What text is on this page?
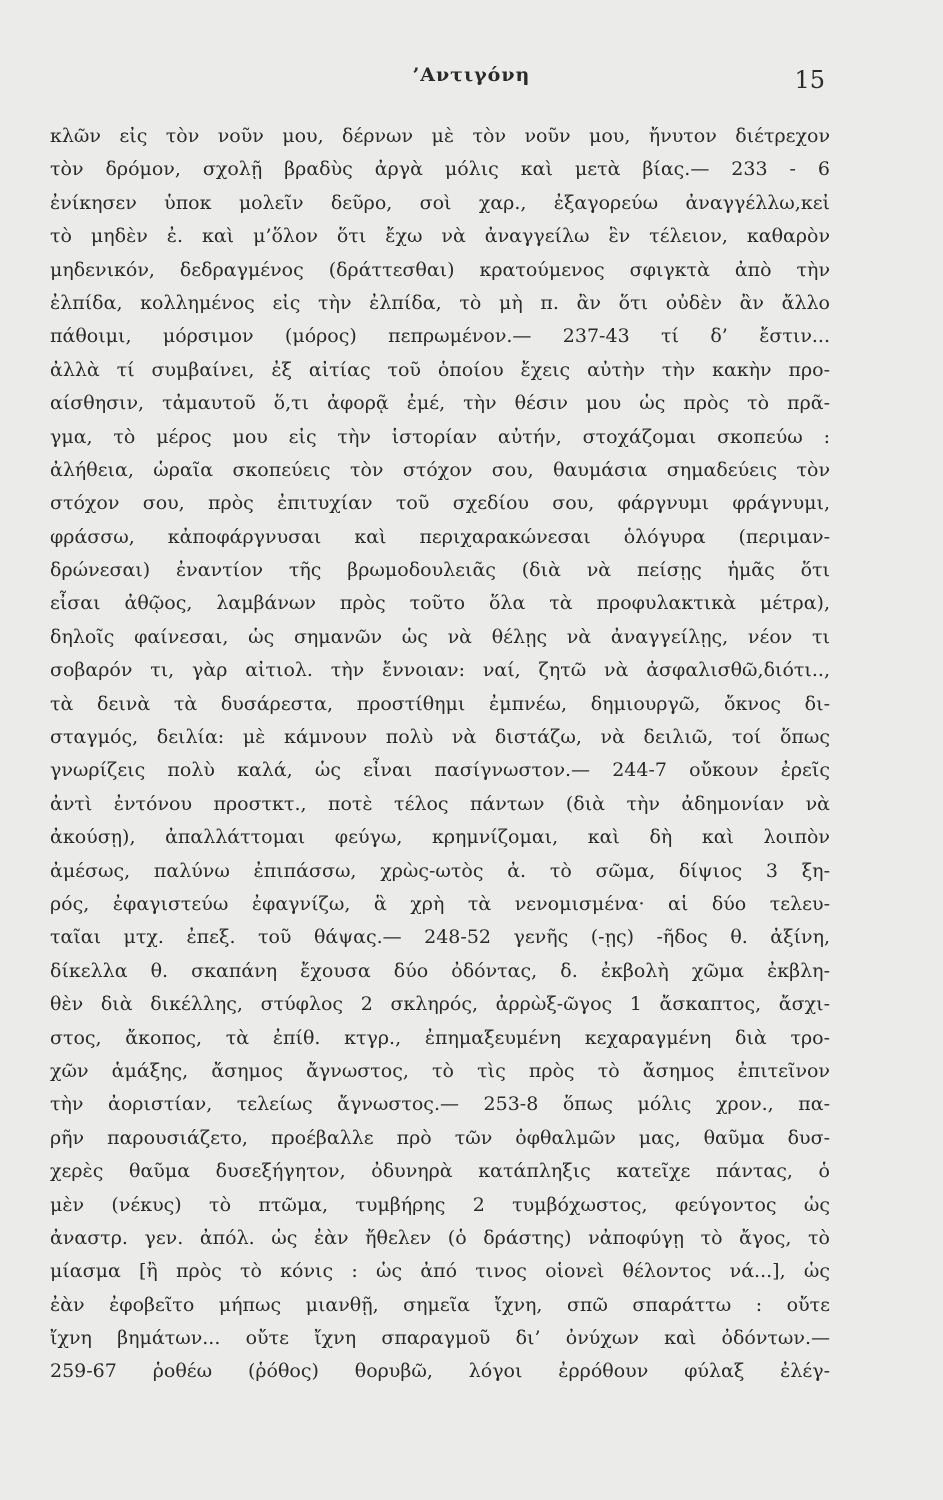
’Αντιγόνη	15
κλῶν εἰς τὸν νοῦν μου, δέρνων μὲ τὸν νοῦν μου, ἤνυτον διέτρεχον
τὸν δρόμον, σχολῇ βραδὺς ἀργὰ μόλις καὶ μετὰ βίας.— 233 - 6
ἐνίκησεν ὑποκ μολεῖν δεῦρο, σοὶ χαρ., ἐξαγορεύω ἀναγγέλλω,κεἰ
τὸ μηδὲν ἐ. καὶ μ’ὅλον ὅτι ἔχω νὰ ἀναγγείλω ἓν τέλειον, καθαρὸν
μηδενικόν, δεδραγμένος (δράττεσθαι) κρατούμενος σφιγκτὰ ἀπὸ τὴν
ἐλπίδα, κολλημένος εἰς τὴν ἐλπίδα, τὸ μὴ π. ἂν ὅτι οὐδὲν ἂν ἄλλο
πάθοιμι, μόρσιμον (μόρος) πεπρωμένον.— 237-43 τί δ’ ἔστιν...
ἀλλὰ τί συμβαίνει, ἐξ αἰτίας τοῦ ὁποίου ἔχεις αὐτὴν τὴν κακὴν προ-
αίσθησιν, τἀμαυτοῦ ὅ,τι ἀφορᾷ ἐμέ, τὴν θέσιν μου ὡς πρὸς τὸ πρᾶ-
γμα, τὸ μέρος μου εἰς τὴν ἱστορίαν αὐτήν, στοχάζομαι σκοπεύω :
ἀλήθεια, ὡραῖα σκοπεύεις τὸν στόχον σου, θαυμάσια σημαδεύεις τὸν
στόχον σου, πρὸς ἐπιτυχίαν τοῦ σχεδίου σου, φάργνυμι φράγνυμι,
φράσσω, κἀποφάργνυσαι καὶ περιχαρακώνεσαι ὁλόγυρα (περιμαν-
δρώνεσαι) ἐναντίον τῆς βρωμοδουλειᾶς (διὰ νὰ πείσῃς ἡμᾶς ὅτι
εἶσαι ἀθῷος, λαμβάνων πρὸς τοῦτο ὅλα τὰ προφυλακτικὰ μέτρα),
δηλοῖς φαίνεσαι, ὡς σημανῶν ὡς νὰ θέλῃς νὰ ἀναγγείλῃς, νέον τι
σοβαρόν τι, γὰρ αἰτιολ. τὴν ἔννοιαν: ναί, ζητῶ νὰ ἀσφαλισθῶ,διότι..,
τὰ δεινὰ τὰ δυσάρεστα, προστίθημι ἐμπνέω, δημιουργῶ, ὄκνος δι-
σταγμός, δειλία: μὲ κάμνουν πολὺ νὰ διστάζω, νὰ δειλιῶ, τοί ὅπως
γνωρίζεις πολὺ καλά, ὡς εἶναι πασίγνωστον.— 244-7 οὔκουν ἐρεῖς
ἀντὶ ἐντόνου προστκτ., ποτὲ τέλος πάντων (διὰ τὴν ἀδημονίαν νὰ
ἀκούσῃ), ἀπαλλάττομαι φεύγω, κρημνίζομαι, καὶ δὴ καὶ λοιπὸν
ἀμέσως, παλύνω ἐπιπάσσω, χρὼς-ωτὸς ἀ. τὸ σῶμα, δίψιος 3 ξη-
ρός, ἐφαγιστεύω ἐφαγνίζω, ἃ χρὴ τὰ νενομισμένα· αἱ δύο τελευ-
ταῖαι μτχ. ἐπεξ. τοῦ θάψας.— 248-52 γενῆς (-ῃς) -ῆδος θ. ἀξίνη,
δίκελλα θ. σκαπάνη ἔχουσα δύο ὀδόντας, δ. ἐκβολὴ χῶμα ἐκβλη-
θὲν διὰ δικέλλης, στύφλος 2 σκληρός, ἀρρὼξ-ῶγος 1 ἄσκαπτος, ἄσχι-
στος, ἄκοπος, τὰ ἐπίθ. κτγρ., ἐπημαξευμένη κεχαραγμένη διὰ τρο-
χῶν ἁμάξης, ἄσημος ἄγνωστος, τὸ τὶς πρὸς τὸ ἄσημος ἐπιτεῖνον
τὴν ἀοριστίαν, τελείως ἄγνωστος.— 253-8 ὅπως μόλις χρον., πα-
ρῆν παρουσιάζετο, προέβαλλε πρὸ τῶν ὀφθαλμῶν μας, θαῦμα δυσ-
χερὲς θαῦμα δυσεξήγητον, ὀδυνηρὰ κατάπληξις κατεῖχε πάντας, ὁ
μὲν (νέκυς) τὸ πτῶμα, τυμβήρης 2 τυμβόχωστος, φεύγοντος ὡς
ἀναστρ. γεν. ἀπόλ. ὡς ἐὰν ἤθελεν (ὁ δράστης) νἀποφύγῃ τὸ ἄγος, τὸ
μίασμα [ἢ πρὸς τὸ κόνις : ὡς ἀπό τινος οἱονεὶ θέλοντος νά...], ὡς
ἐὰν ἐφοβεῖτο μήπως μιανθῇ, σημεῖα ἴχνη, σπῶ σπαράττω : οὔτε
ἴχνη βημάτων... οὔτε ἴχνη σπαραγμοῦ δι’ ὀνύχων καὶ ὀδόντων.—
259-67 ῥοθέω (ῥόθος) θορυβῶ, λόγοι ἐρρόθουν φύλαξ ἐλέγ-
